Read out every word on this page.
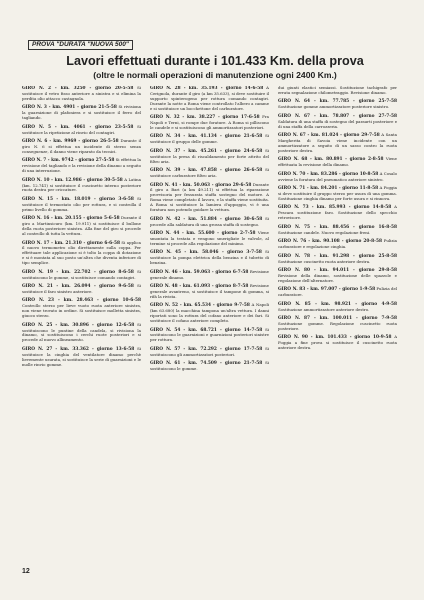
PROVA "DURATA "NUOVA 500"
Lavori effettuati durante i 101.433 Km. della prova
(oltre le normali operazioni di manutenzione ogni 2400 Km.)

GIRO N. 2 - km. 3250 - giorno 20-5-58 Si sostituisce il vetro fisso anteriore a sinistra e si elimina la perdita olio attacco castagnola.

GIRO N. 3 - km. 4901 - giorno 21-5-58 Si rivisiona la guarnizione di plafoniera e si sostituisce il ferro del tagliando.

GIRO N. 5 - km. 4061 - giorno 23-5-58 Si sostituisce la ripetizione al rinvio del contagiri.

GIRO N. 6 - km. 9969 - giorno 26-5-58 Durante il giro N. 6 si effettua un incidente di sterzo senza conseguenze, il danno viene riparato da tecnici.

GIRO N. 7 - km. 9742 - giorno 27-5-58 Si effettua la revisione del tagliando e la revisione della dinamo a seguito di una interruzione.

GIRO N. 10 - km. 12.986 - giorno 30-5-58 A Latina (km. 12.741) si sostituisce il cuscinetto interno posteriore ruota destra per criccature.

GIRO N. 15 - km. 18.019 - giorno 3-6-58 Si sostituisce il termostato olio per rottura, e si controlla il primo livello di gomma.

GIRO N. 16 - km. 20.155 - giorno 5-6-58 Durante il giro a Martinsicuro (km. 19.911) si sostituisce il bullone della ruota posteriore sinistra. Alla fine del giro si procede al controllo di tutta la vettura.

GIRO N. 17 - km. 21.310 - giorno 6-6-58 Si applica il nuovo termometro olio direttamente sulla coppa. Per effettuare tale applicazione si è tolto la coppa di dotazione e si è montata al suo posto un'altra che diventa inferiore di tipo semplice.

GIRO N. 19 - km. 22.702 - giorno 8-6-58 Si sostituiscono le gomme, si sostituisce comando contagiri.

GIRO N. 21 - km. 26.094 - giorno 9-6-58 Si sostituisce il faro sinistro anteriore.

GIRO N. 23 - km. 28.463 - giorno 10-6-58 Controllo sterzo per lieve vuoto ruota anteriore sinistra, non viene trovato in ordine. Si sostituisce molletta sinistra, giuoco sterzo.

GIRO N. 25 - km. 30.896 - giorno 12-6-58 Si sostituiscono le puntine della candela, si rivisiona la dinamo, si sostituiscono i cerchi ruote posteriori e si procede al nuovo allineamento.

GIRO N. 27 - km. 33.362 - giorno 13-6-58 Si sostituisce la cinghia del ventilatore dinamo perchè lievemente usurata, si sostituisce la serie di guarnizioni e le molle rinvio gomme.

GIRO N. 28 - km. 35.193 - giorno 14-6-58 A Cerignola, durante il giro (a km 35.633), si deve sostituire il supporto spinterogeno per rottura comando contagiri. Durante la notte a Roma viene controllato l'albero a camme e si sostituisce un bocchettone del carburatore.

GIRO N. 32 - km. 38.227 - giorno 17-6-58 Fra Napoli e Terni, si rompe due forature. A Roma si pilliscono le candele e si sostituiscono gli ammortizzatori posteriori.

GIRO N. 34 - km. 41.134 - giorno 21-6-58 Si sostituisce il gruppo delle gomme.

GIRO N. 37 - km. 45.261 - giorno 24-6-58 Si sostituisce la presa di riscaldamento per forte attrito del filtro aria.

GIRO N. 39 - km. 47.858 - giorno 26-6-58 Si sostituisce carburatore filtro aria.

GIRO N. 41 - km. 50.063 - giorno 29-6-58 Durante il giro a Bari (a km 49.211) si effettua la riparazione provvisoria per fessurata staffa sostegno del motore. A Roma viene completato il lavoro, e la staffa viene sostituita. A Roma si sostituisce la lamiera d'appoggio, vi è una foratura non potendo guidare la vettura.

GIRO N. 42 - km. 51.884 - giorno 30-6-58 Si procede alla saldatura di una grossa staffa di sostegno.

GIRO N. 44 - km. 55.600 - giorno 2-7-58 Viene smontata la testata e vengono smerigliate le valvole, al termine si procede alla regolazione del minimo.

GIRO N. 45 - km. 58.046 - giorno 3-7-58 Si sostituisce la pompa elettrica della benzina e il tubetto di benzina.

GIRO N. 46 - km. 59.063 - giorno 6-7-58 Revisione generale dinamo.

GIRO N. 48 - km. 61.093 - giorno 8-7-58 Revisione generale avantreno, si sostituisce il tampone di gomma, si rifà la rivista.

GIRO N. 52 - km. 65.534 - giorno 9-7-58 A Napoli (km 63.680) la macchina tampona un'altra vettura. I danni riportati sono la rottura del cofano anteriore e dei fari. Si sostituisce il cofano anteriore completo.

GIRO N. 54 - km. 68.721 - giorno 14-7-58 Si sostituiscono le guarnizioni e guarnizioni posteriori sinistre per rottura.

GIRO N. 57 - km. 72.292 - giorno 17-7-58 Si sostituiscono gli ammortizzatori posteriori.

GIRO N. 61 - km. 74.509 - giorno 21-7-58 Si sostituiscono le gomme.

dui giunti elastici semiassi. Sostituzione tachigrafo per errata segnalazione chilometraggio. Revisione dinamo.

GIRO N. 64 - km. 77.785 - giorno 25-7-58 Sostituzione gomme ammortizzatore posteriore sinistro.

GIRO N. 67 - km. 78.807 - giorno 27-7-58 Saldatura di una staffa di sostegno del paraurti posteriore e di una staffa della carrozzeria.

GIRO N. 67 - km. 81.024 - giorno 29-7-58 A Santa Margherita di Savoia viene incidente con un ammortizzatore a seguito di un sasso contro la ruota posteriore destra.

GIRO N. 68 - km. 80.891 - giorno 2-8-58 Viene effettuata la revisione della dinamo.

GIRO N. 70 - km. 83.286 - giorno 10-8-58 A Cosalo avviene la foratura del pneumatico anteriore sinistro.

GIRO N. 71 - km. 84.201 - giorno 11-8-58 A Foggia si deve sostituire il gruppo sterzo per usura di una gomma. Sostituzione cinghia dinamo per forte usura e si rinnova.

GIRO N. 73 - km. 85.993 - giorno 14-8-58 A Pescara sostituzione faro. Sostituzione dello specchio retrovisore.

GIRO N. 75 - km. 88.456 - giorno 16-8-58 Sostituzione candele. Nuovo regolazione freni.

GIRO N. 76 - km. 90.108 - giorno 20-8-58 Pulizia carburatore e regolazione cinghia.

GIRO N. 78 - km. 91.298 - giorno 25-8-58 Sostituzione cuscinetto ruota anteriore destra.

GIRO N. 80 - km. 94.011 - giorno 29-8-58 Revisione della dinamo, sostituzione delle spazzole e regolazione dell'alternatore.

GIRO N. 83 - km. 97.007 - giorno 1-9-58 Pulizia del carburatore.

GIRO N. 85 - km. 98.921 - giorno 4-9-58 Sostituzione ammortizzatore anteriore destro.

GIRO N. 87 - km. 100.011 - giorno 7-9-58 Sostituzione gomme. Regolazione cuscinetto ruota posteriore.

GIRO N. 90 - km. 101.433 - giorno 10-9-58 A Foggia a fine prova si sostituisce il cuscinetto ruota anteriore destra.

12
